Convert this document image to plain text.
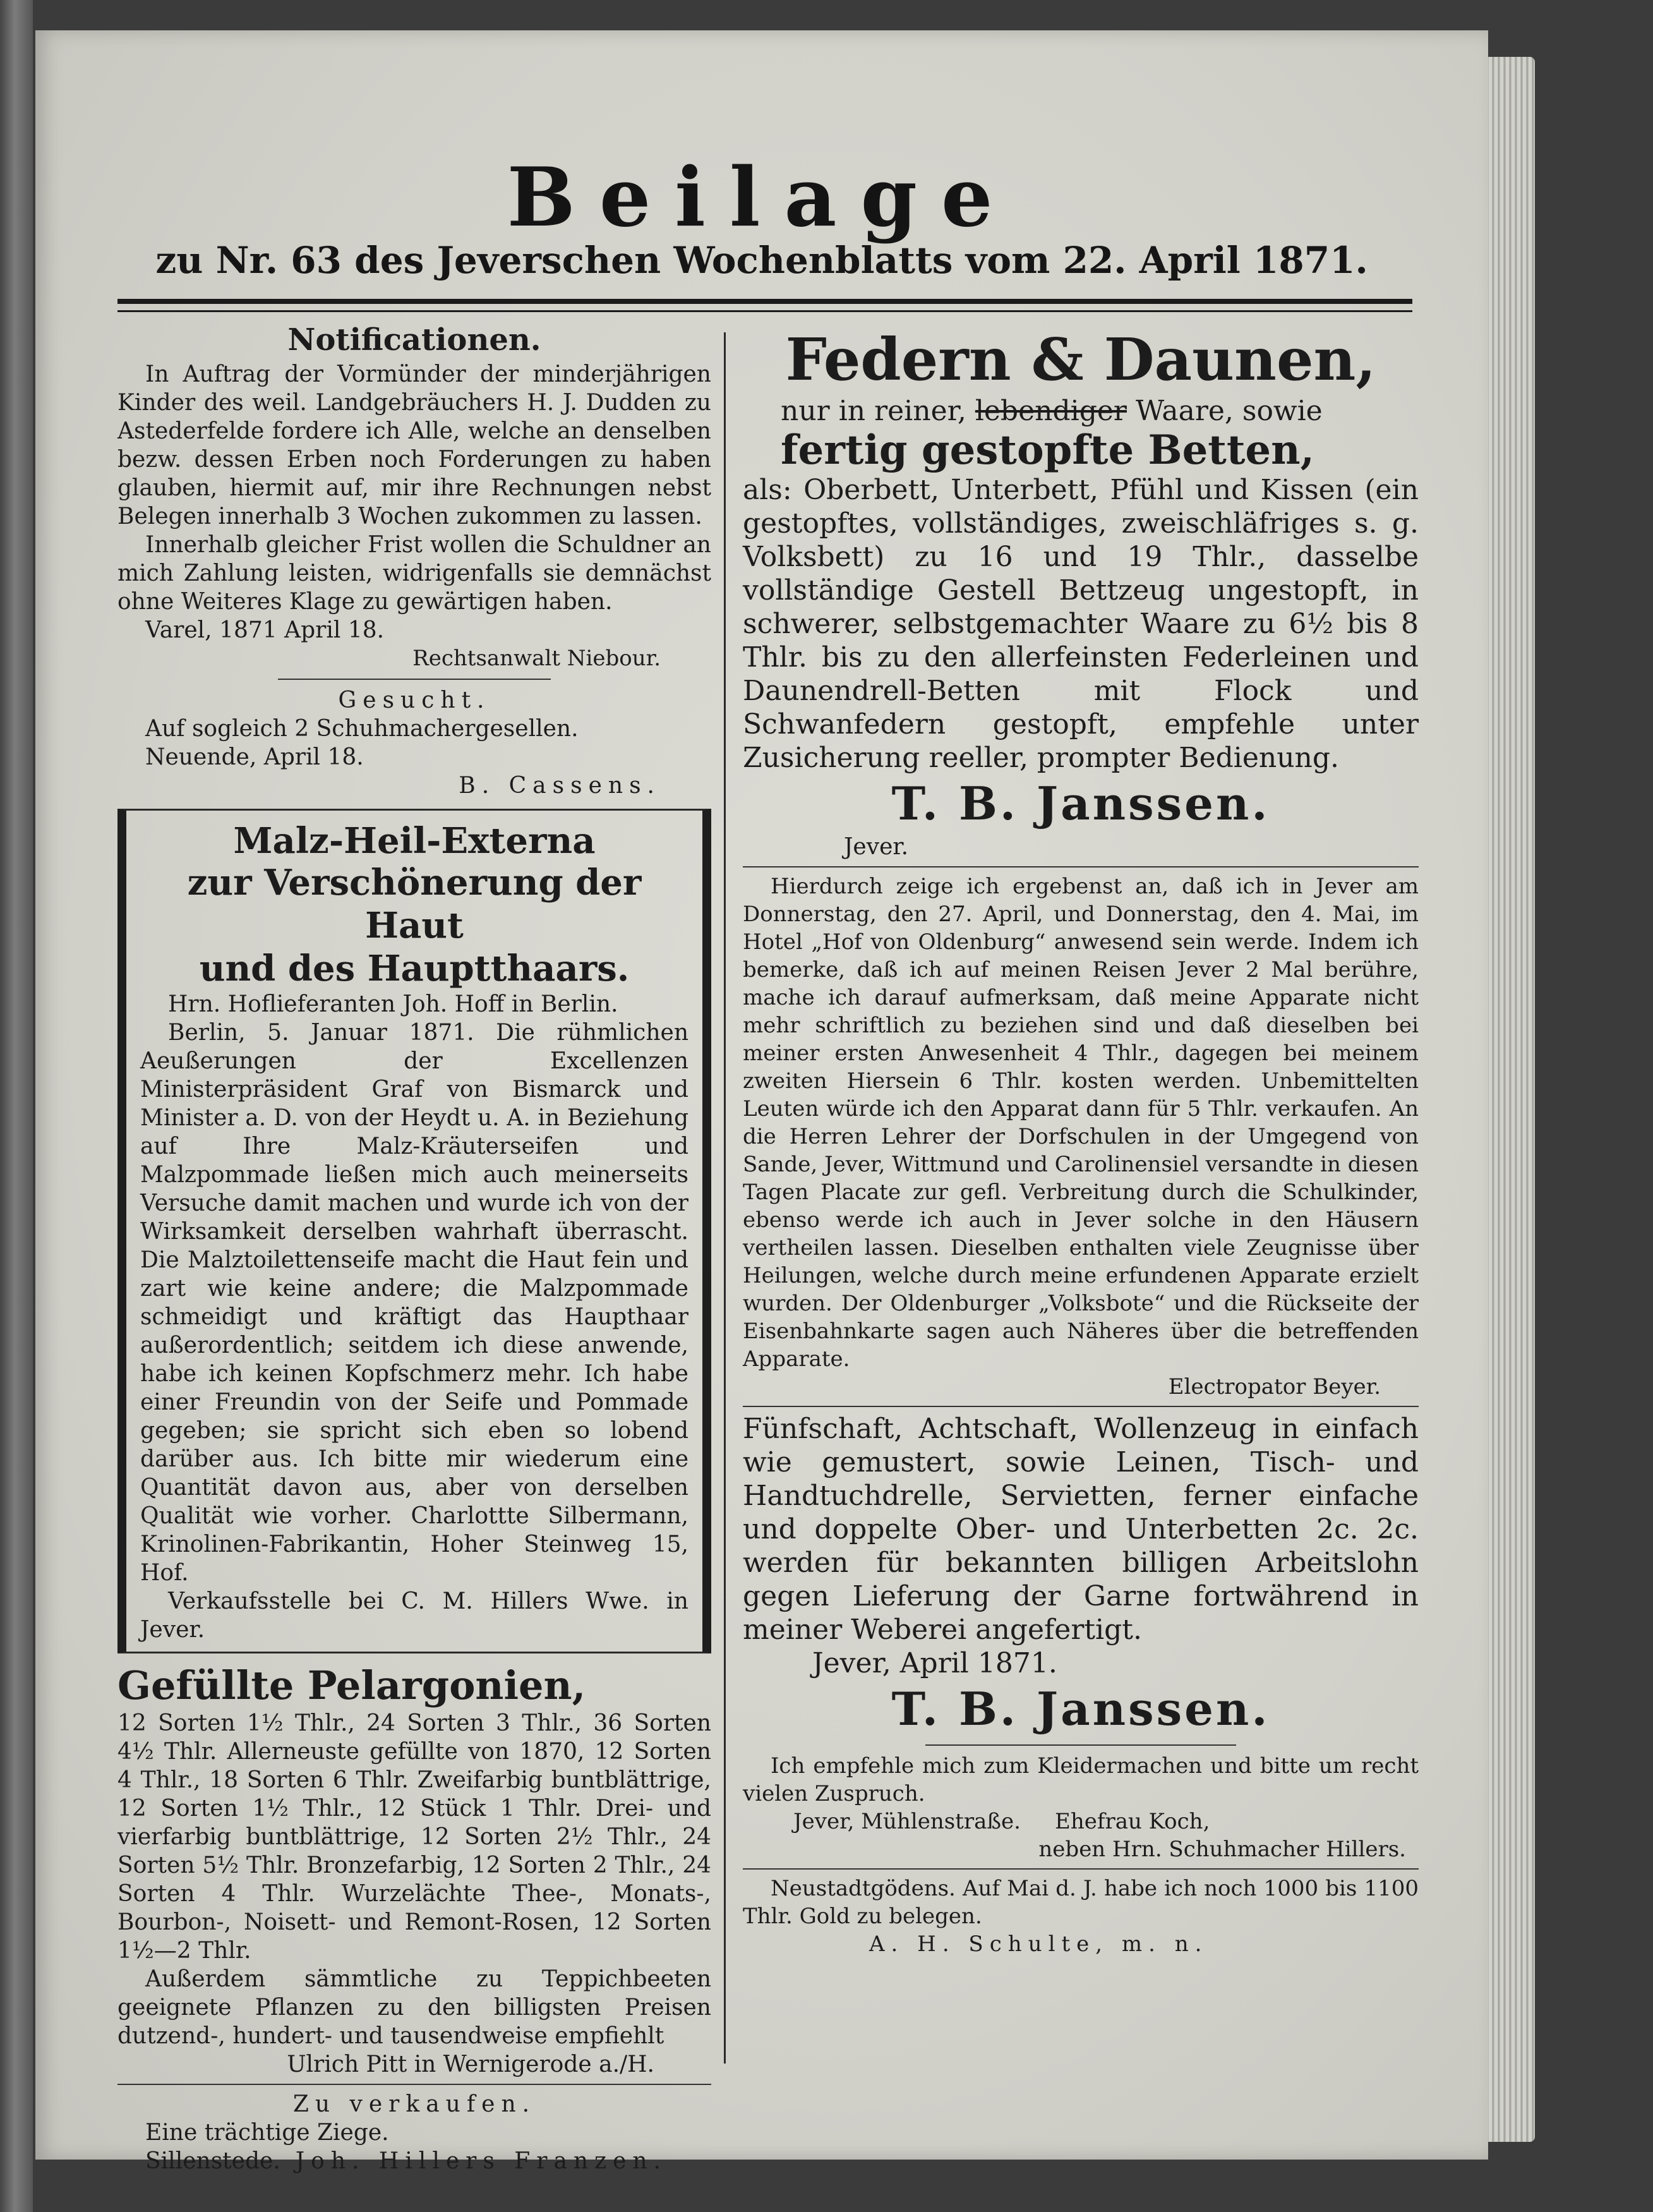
Beilage
zu Nr. 63 des Jeverschen Wochenblatts vom 22. April 1871.
Notificationen.

In Auftrag der Vormünder der minderjährigen Kinder des weil. Landgebräuchers H. J. Dudden zu Astederfelde fordere ich Alle, welche an denselben bezw. dessen Erben noch Forderungen zu haben glauben, hiermit auf, mir ihre Rechnungen nebst Belegen innerhalb 3 Wochen zukommen zu lassen.

Innerhalb gleicher Frist wollen die Schuldner an mich Zahlung leisten, widrigenfalls sie demnächst ohne Weiteres Klage zu gewärtigen haben.

Varel, 1871 April 18.

Rechtsanwalt Niebour.

Gesucht.

Auf sogleich 2 Schuhmachergesellen.

Neuende, April 18.

B. Cassens.

Malz-Heil-Externa
zur Verschönerung der Haut
und des Hauptthaars.

Hrn. Hoflieferanten Joh. Hoff in Berlin.

Berlin, 5. Januar 1871. Die rühmlichen Aeußerungen der Excellenzen Ministerpräsident Graf von Bismarck und Minister a. D. von der Heydt u. A. in Beziehung auf Ihre Malz-Kräuterseifen und Malzpommade ließen mich auch meinerseits Versuche damit machen und wurde ich von der Wirksamkeit derselben wahrhaft überrascht. Die Malztoilettenseife macht die Haut fein und zart wie keine andere; die Malzpommade schmeidigt und kräftigt das Haupthaar außerordentlich; seitdem ich diese anwende, habe ich keinen Kopfschmerz mehr. Ich habe einer Freundin von der Seife und Pommade gegeben; sie spricht sich eben so lobend darüber aus. Ich bitte mir wiederum eine Quantität davon aus, aber von derselben Qualität wie vorher. Charlottte Silbermann, Krinolinen-Fabrikantin, Hoher Steinweg 15, Hof.

Verkaufsstelle bei C. M. Hillers Wwe. in Jever.

Gefüllte Pelargonien,

12 Sorten 1½ Thlr., 24 Sorten 3 Thlr., 36 Sorten 4½ Thlr. Allerneuste gefüllte von 1870, 12 Sorten 4 Thlr., 18 Sorten 6 Thlr. Zweifarbig buntblättrige, 12 Sorten 1½ Thlr., 12 Stück 1 Thlr. Drei- und vierfarbig buntblättrige, 12 Sorten 2½ Thlr., 24 Sorten 5½ Thlr. Bronzefarbig, 12 Sorten 2 Thlr., 24 Sorten 4 Thlr. Wurzelächte Thee-, Monats-, Bourbon-, Noisett- und Remont-Rosen, 12 Sorten 1½—2 Thlr.

Außerdem sämmtliche zu Teppichbeeten geeignete Pflanzen zu den billigsten Preisen dutzend-, hundert- und tausendweise empfiehlt

Ulrich Pitt in Wernigerode a./H.

Zu verkaufen.

Eine trächtige Ziege.

Sillenstede. Joh. Hillers Franzen.
Federn & Daunen,

nur in reiner, lebendiger Waare, sowie

fertig gestopfte Betten,

als: Oberbett, Unterbett, Pfühl und Kissen (ein gestopftes, vollständiges, zweischläfriges s. g. Volksbett) zu 16 und 19 Thlr., dasselbe vollständige Gestell Bettzeug ungestopft, in schwerer, selbstgemachter Waare zu 6½ bis 8 Thlr. bis zu den allerfeinsten Federleinen und Daunendrell-Betten mit Flock und Schwanfedern gestopft, empfehle unter Zusicherung reeller, prompter Bedienung.

T. B. Janssen.

Jever.

Hierdurch zeige ich ergebenst an, daß ich in Jever am Donnerstag, den 27. April, und Donnerstag, den 4. Mai, im Hotel „Hof von Oldenburg“ anwesend sein werde. Indem ich bemerke, daß ich auf meinen Reisen Jever 2 Mal berühre, mache ich darauf aufmerksam, daß meine Apparate nicht mehr schriftlich zu beziehen sind und daß dieselben bei meiner ersten Anwesenheit 4 Thlr., dagegen bei meinem zweiten Hiersein 6 Thlr. kosten werden. Unbemittelten Leuten würde ich den Apparat dann für 5 Thlr. verkaufen. An die Herren Lehrer der Dorfschulen in der Umgegend von Sande, Jever, Wittmund und Carolinensiel versandte in diesen Tagen Placate zur gefl. Verbreitung durch die Schulkinder, ebenso werde ich auch in Jever solche in den Häusern vertheilen lassen. Dieselben enthalten viele Zeugnisse über Heilungen, welche durch meine erfundenen Apparate erzielt wurden. Der Oldenburger „Volksbote“ und die Rückseite der Eisenbahnkarte sagen auch Näheres über die betreffenden Apparate.

Electropator Beyer.

Fünfschaft, Achtschaft, Wollenzeug in einfach wie gemustert, sowie Leinen, Tisch- und Handtuchdrelle, Servietten, ferner einfache und doppelte Ober- und Unterbetten 2c. 2c. werden für bekannten billigen Arbeitslohn gegen Lieferung der Garne fortwährend in meiner Weberei angefertigt.

Jever, April 1871.

T. B. Janssen.

Ich empfehle mich zum Kleidermachen und bitte um recht vielen Zuspruch.

Jever, Mühlenstraße.     Ehefrau Koch,

neben Hrn. Schuhmacher Hillers.

Neustadtgödens. Auf Mai d. J. habe ich noch 1000 bis 1100 Thlr. Gold zu belegen.

A. H. Schulte, m. n.
